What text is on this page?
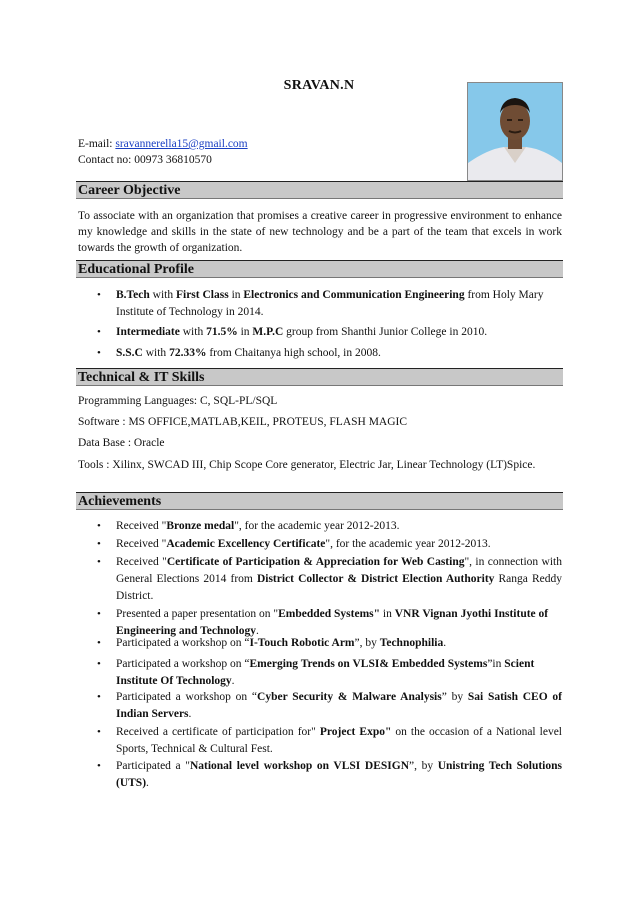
SRAVAN.N
E-mail: sravannerella15@gmail.com
Contact no: 00973 36810570
Career Objective
To associate with an organization that promises a creative career in progressive environment to enhance my knowledge and skills in the state of new technology and be a part of the team that excels in work towards the growth of organization.
Educational Profile
• B.Tech with First Class in Electronics and Communication Engineering from Holy Mary Institute of Technology in 2014.
• Intermediate with 71.5% in M.P.C group from Shanthi Junior College in 2010.
• S.S.C with 72.33% from Chaitanya high school, in 2008.
Technical & IT Skills
Programming Languages: C, SQL-PL/SQL
Software : MS OFFICE,MATLAB,KEIL, PROTEUS, FLASH MAGIC
Data Base : Oracle
Tools : Xilinx, SWCAD III, Chip Scope Core generator, Electric Jar, Linear Technology (LT)Spice.
Achievements
• Received "Bronze medal", for the academic year 2012-2013.
• Received "Academic Excellency Certificate", for the academic year 2012-2013.
• Received "Certificate of Participation & Appreciation for Web Casting", in connection with General Elections 2014 from District Collector & District Election Authority Ranga Reddy District.
• Presented a paper presentation on "Embedded Systems" in VNR Vignan Jyothi Institute of Engineering and Technology.
• Participated a workshop on “I-Touch Robotic Arm”, by Technophilia.
• Participated a workshop on “Emerging Trends on VLSI& Embedded Systems”in Scient Institute Of Technology.
• Participated a workshop on “Cyber Security & Malware Analysis” by Sai Satish CEO of Indian Servers.
• Received a certificate of participation for" Project Expo" on the occasion of a National level Sports, Technical & Cultural Fest.
• Participated a "National level workshop on VLSI DESIGN”, by Unistring Tech Solutions (UTS).
